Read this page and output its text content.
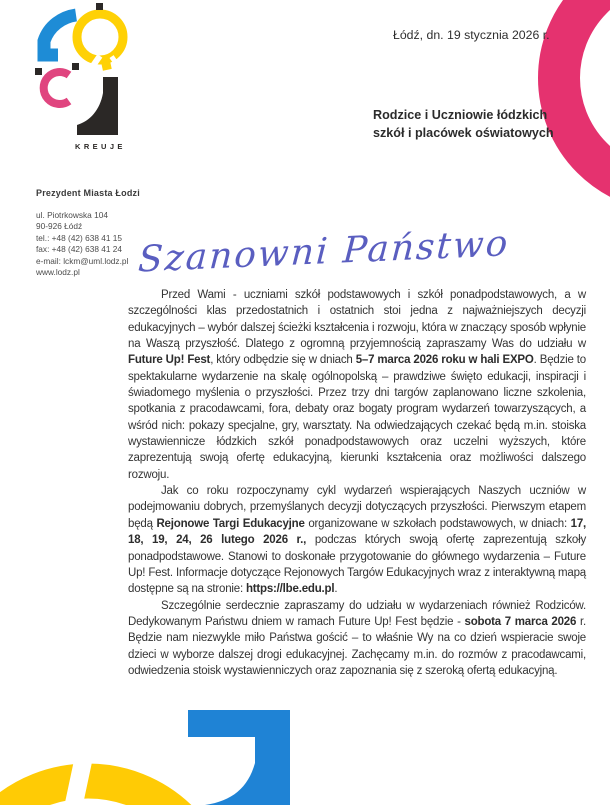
KREUJE
Łódź, dn. 19 stycznia 2026 r.
Rodzice i Uczniowie łódzkich
szkół i placówek oświatowych

Prezydent Miasta Łodzi

ul. Piotrkowska 104
90-926 Łódź
tel.: +48 (42) 638 41 15
fax: +48 (42) 638 41 24
e-mail: lckm@uml.lodz.pl
www.lodz.pl	Szanowni Państwo

Przed Wami - uczniami szkół podstawowych i szkół ponadpodstawowych, a w szczególności klas przedostatnich i ostatnich stoi jedna z najważniejszych decyzji edukacyjnych – wybór dalszej ścieżki kształcenia i rozwoju, która w znaczący sposób wpłynie na Waszą przyszłość. Dlatego z ogromną przyjemnością zapraszamy Was do udziału w Future Up! Fest, który odbędzie się w dniach 5–7 marca 2026 roku w hali EXPO. Będzie to spektakularne wydarzenie na skalę ogólnopolską – prawdziwe święto edukacji, inspiracji i świadomego myślenia o przyszłości. Przez trzy dni targów zaplanowano liczne szkolenia, spotkania z pracodawcami, fora, debaty oraz bogaty program wydarzeń towarzyszących, a wśród nich: pokazy specjalne, gry, warsztaty. Na odwiedzających czekać będą m.in. stoiska wystawiennicze łódzkich szkół ponadpodstawowych oraz uczelni wyższych, które zaprezentują swoją ofertę edukacyjną, kierunki kształcenia oraz możliwości dalszego rozwoju.

Jak co roku rozpoczynamy cykl wydarzeń wspierających Naszych uczniów w podejmowaniu dobrych, przemyślanych decyzji dotyczących przyszłości. Pierwszym etapem będą Rejonowe Targi Edukacyjne organizowane w szkołach podstawowych, w dniach: 17, 18, 19, 24, 26 lutego 2026 r., podczas których swoją ofertę zaprezentują szkoły ponadpodstawowe. Stanowi to doskonałe przygotowanie do głównego wydarzenia – Future Up! Fest. Informacje dotyczące Rejonowych Targów Edukacyjnych wraz z interaktywną mapą dostępne są na stronie: https://lbe.edu.pl.

Szczególnie serdecznie zapraszamy do udziału w wydarzeniach również Rodziców. Dedykowanym Państwu dniem w ramach Future Up! Fest będzie - sobota 7 marca 2026 r. Będzie nam niezwykle miło Państwa gościć – to właśnie Wy na co dzień wspieracie swoje dzieci w wyborze dalszej drogi edukacyjnej. Zachęcamy m.in. do rozmów z pracodawcami, odwiedzenia stoisk wystawienniczych oraz zapoznania się z szeroką ofertą edukacyjną.
